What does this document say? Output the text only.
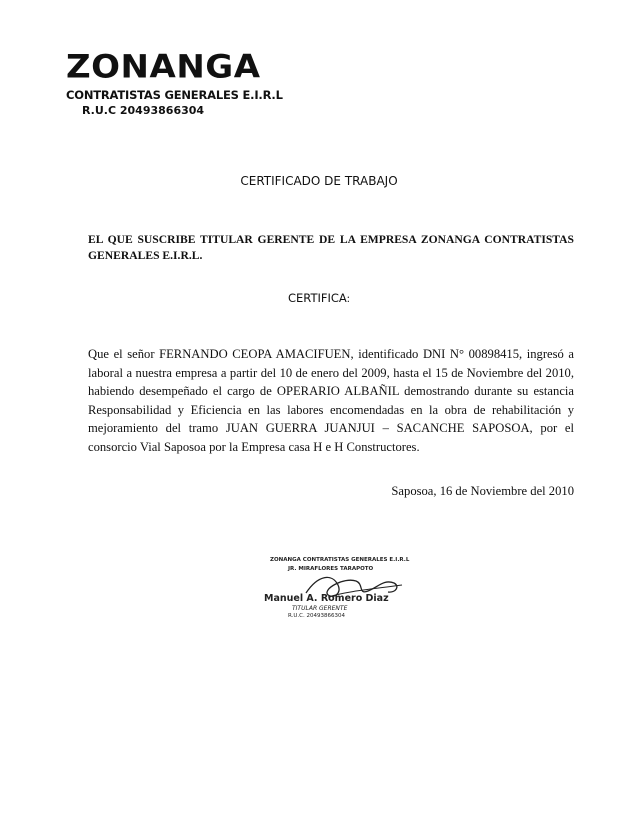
ZONANGA
CONTRATISTAS GENERALES E.I.R.L
R.U.C 20493866304
CERTIFICADO DE TRABAJO
EL QUE SUSCRIBE TITULAR GERENTE DE LA EMPRESA ZONANGA CONTRATISTAS GENERALES E.I.R.L.
CERTIFICA:
Que el señor FERNANDO CEOPA AMACIFUEN, identificado DNI N° 00898415, ingresó a laboral a nuestra empresa a partir del 10 de enero del 2009, hasta el 15 de Noviembre del 2010, habiendo desempeñado el cargo de OPERARIO ALBAÑIL demostrando durante su estancia Responsabilidad y Eficiencia en las labores encomendadas en la obra de rehabilitación y mejoramiento del tramo JUAN GUERRA JUANJUI – SACANCHE SAPOSOA, por el consorcio Vial Saposoa por la Empresa casa H e H Constructores.
Saposoa, 16 de Noviembre del 2010
ZONANGA CONTRATISTAS GENERALES E.I.R.L
JR. MIRAFLORES TARAPOTO
Manuel A. Romero Diaz
TITULAR GERENTE
R.U.C. 20493866304
